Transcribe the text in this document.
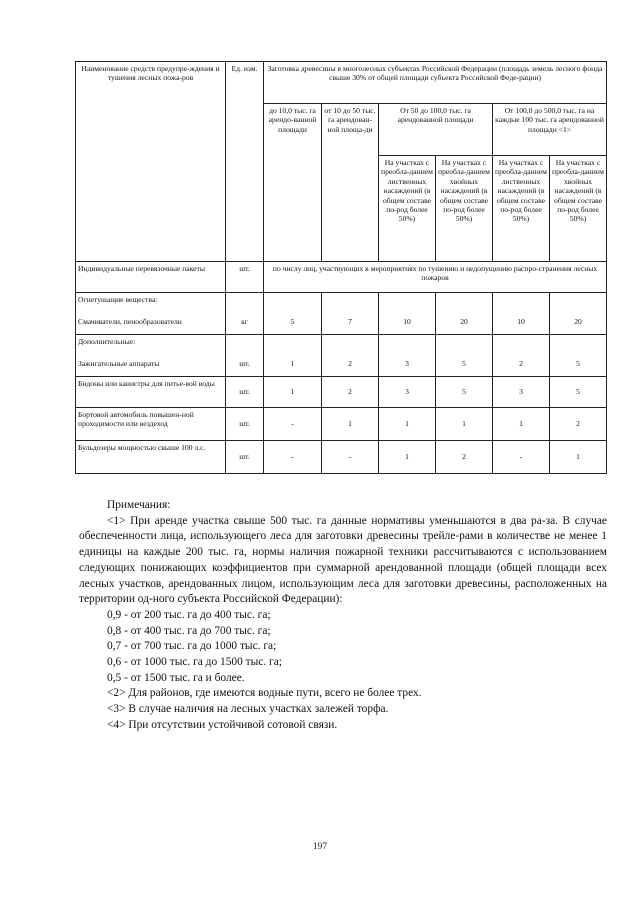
Наименование средств предупре-ждения и тушения лесных пожа-ров	Ед. изм.	Заготовка древесины в многолесных субъектах Российской Федерации (площадь земель лесного фонда свыше 30% от общей площади субъекта Российской Феде-рации)					
		до 10,0 тыс. га арендо-ванной площади	от 10 до 50 тыс. га арендован-ной площа-ди	От 50 до 100,0 тыс. га арендованной площади		От 100,0 до 500,0 тыс. га на каждые 100 тыс. га арендованной площади <1>	
				На участках с преобла-данием лиственных насаждений (в общем составе по-род более 50%)	На участках с преобла-данием хвойных насаждений (в общем составе по-род более 50%)	На участках с преобла-данием лиственных насаждений (в общем составе по-род более 50%)	На участках с преобла-данием хвойных насаждений (в общем составе по-род более 50%)
Индивидуальные перевязочные пакеты	шт.	по числу лиц, участвующих в мероприятиях по тушению и недопущению распро-странения лесных пожаров					
Огнетушащие вещества:							
Смачиватели, пенообразователи	кг	5	7	10	20	10	20
Дополнительные:							
Зажигательные аппараты	шт.	1	2	3	5	2	5
Бидоны или канистры для питье-вой воды	шт.	1	2	3	5	3	5
Бортовой автомобиль повышен-ной проходимости или вездеход	шт.	-	1	1	1	1	2
Бульдозеры мощностью свыше 100 л.с.	шт.	-	-	1	2	-	1

Примечания:

<1> При аренде участка свыше 500 тыс. га данные нормативы уменьшаются в два ра-за. В случае обеспеченности лица, использующего леса для заготовки древесины трейле-рами в количестве не менее 1 единицы на каждые 200 тыс. га, нормы наличия пожарной техники рассчитываются с использованием следующих понижающих коэффициентов при суммарной арендованной площади (общей площади всех лесных участков, арендованных лицом, использующим леса для заготовки древесины, расположенных на территории од-ного субъекта Российской Федерации):

0,9 - от 200 тыс. га до 400 тыс. га;

0,8 - от 400 тыс. га до 700 тыс. га;

0,7 - от 700 тыс. га до 1000 тыс. га;

0,6 - от 1000 тыс. га до 1500 тыс. га;

0,5 - от 1500 тыс. га и более.

<2> Для районов, где имеются водные пути, всего не более трех.

<3> В случае наличия на лесных участках залежей торфа.

<4> При отсутствии устойчивой сотовой связи.

197
